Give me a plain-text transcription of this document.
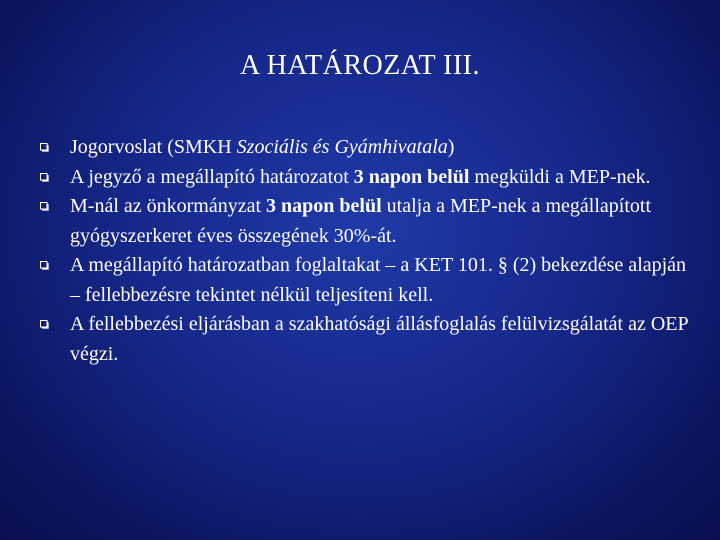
A HATÁROZAT III.
Jogorvoslat (SMKH Szociális és Gyámhivatala)
A jegyző a megállapító határozatot 3 napon belül megküldi a MEP-nek.
M-nál az önkormányzat 3 napon belül utalja a MEP-nek a megállapított gyógyszerkeret éves összegének 30%-át.
A megállapító határozatban foglaltakat – a KET 101. § (2) bekezdése alapján – fellebbezésre tekintet nélkül teljesíteni kell.
A fellebbezési eljárásban a szakhatósági állásfoglalás felülvizsgálatát az OEP végzi.
